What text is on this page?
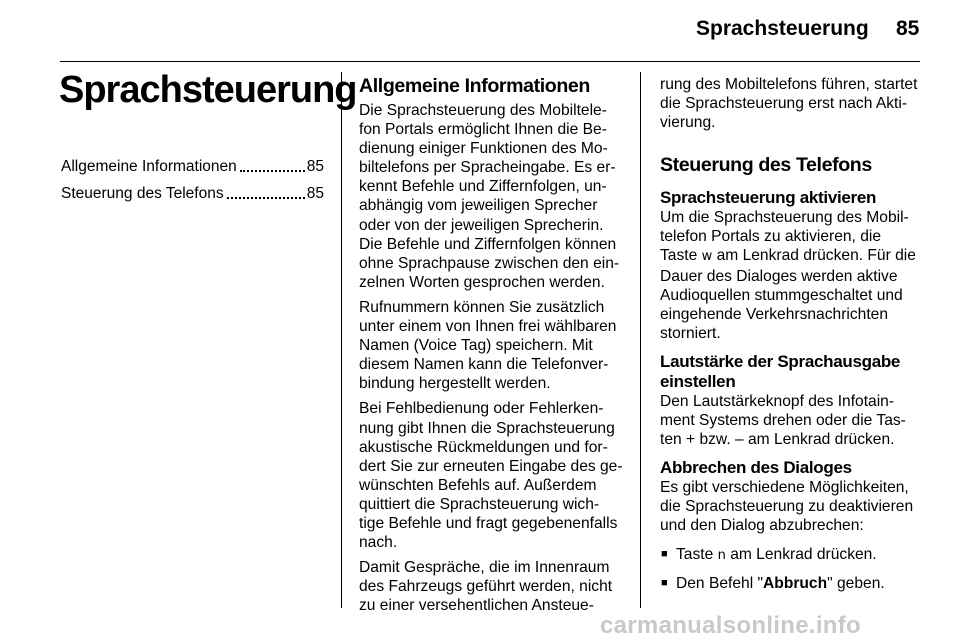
Sprachsteuerung 85
Sprachsteuerung
Allgemeine Informationen	85
Steuerung des Telefons	85
Allgemeine Informationen

Die Sprachsteuerung des Mobiltele-
fon Portals ermöglicht Ihnen die Be-
dienung einiger Funktionen des Mo-
biltelefons per Spracheingabe. Es er-
kennt Befehle und Ziffernfolgen, un-
abhängig vom jeweiligen Sprecher
oder von der jeweiligen Sprecherin.
Die Befehle und Ziffernfolgen können
ohne Sprachpause zwischen den ein-
zelnen Worten gesprochen werden.

Rufnummern können Sie zusätzlich
unter einem von Ihnen frei wählbaren
Namen (Voice Tag) speichern. Mit
diesem Namen kann die Telefonver-
bindung hergestellt werden.

Bei Fehlbedienung oder Fehlerken-
nung gibt Ihnen die Sprachsteuerung
akustische Rückmeldungen und for-
dert Sie zur erneuten Eingabe des ge-
wünschten Befehls auf. Außerdem
quittiert die Sprachsteuerung wich-
tige Befehle und fragt gegebenenfalls
nach.

Damit Gespräche, die im Innenraum
des Fahrzeugs geführt werden, nicht
zu einer versehentlichen Ansteue-

rung des Mobiltelefons führen, startet
die Sprachsteuerung erst nach Akti-
vierung.

Steuerung des Telefons
Sprachsteuerung aktivieren

Um die Sprachsteuerung des Mobil-
telefon Portals zu aktivieren, die
Taste w am Lenkrad drücken. Für die
Dauer des Dialoges werden aktive
Audioquellen stummgeschaltet und
eingehende Verkehrsnachrichten
storniert.

Lautstärke der Sprachausgabe
einstellen

Den Lautstärkeknopf des Infotain-
ment Systems drehen oder die Tas-
ten + bzw. – am Lenkrad drücken.

Abbrechen des Dialoges

Es gibt verschiedene Möglichkeiten,
die Sprachsteuerung zu deaktivieren
und den Dialog abzubrechen:

■ Taste n am Lenkrad drücken.
■ Den Befehl "Abbruch" geben.
carmanualsonline.info
